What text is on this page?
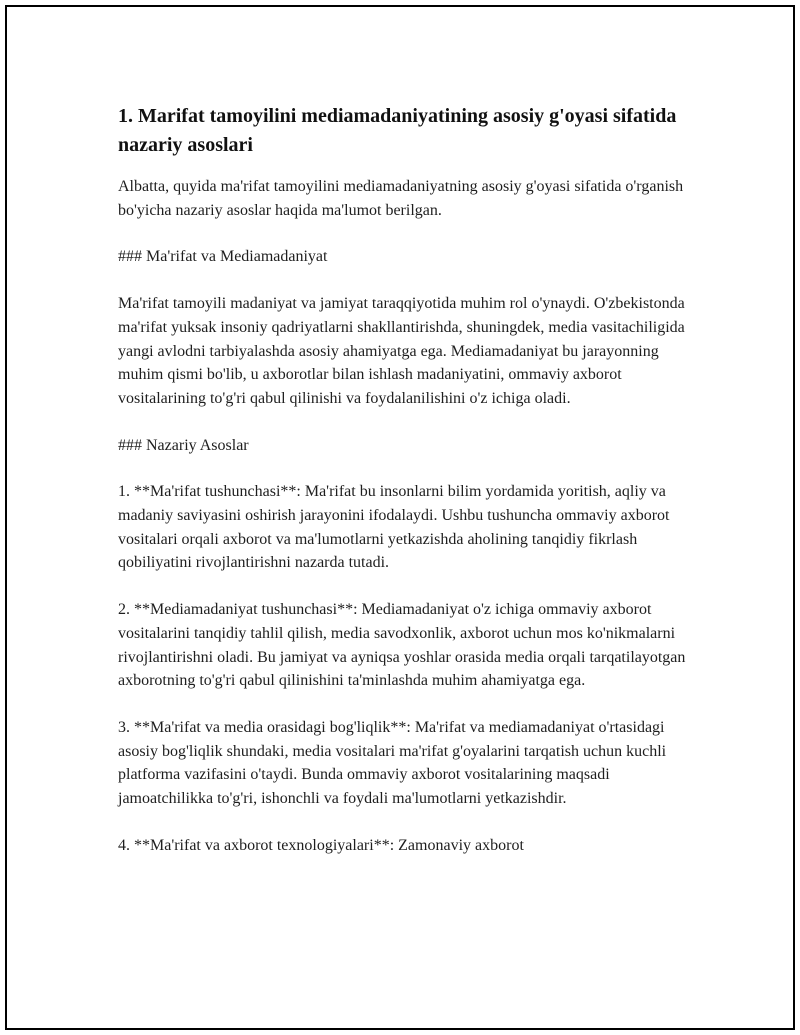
1. Marifat tamoyilini mediamadaniyatining asosiy g'oyasi sifatida nazariy asoslari

Albatta, quyida ma'rifat tamoyilini mediamadaniyatning asosiy g'oyasi sifatida o'rganish bo'yicha nazariy asoslar haqida ma'lumot berilgan.

### Ma'rifat va Mediamadaniyat

Ma'rifat tamoyili madaniyat va jamiyat taraqqiyotida muhim rol o'ynaydi. O'zbekistonda ma'rifat yuksak insoniy qadriyatlarni shakllantirishda, shuningdek, media vasitachiligida yangi avlodni tarbiyalashda asosiy ahamiyatga ega. Mediamadaniyat bu jarayonning muhim qismi bo'lib, u axborotlar bilan ishlash madaniyatini, ommaviy axborot vositalarining to'g'ri qabul qilinishi va foydalanilishini o'z ichiga oladi.

### Nazariy Asoslar

1. **Ma'rifat tushunchasi**: Ma'rifat bu insonlarni bilim yordamida yoritish, aqliy va madaniy saviyasini oshirish jarayonini ifodalaydi. Ushbu tushuncha ommaviy axborot vositalari orqali axborot va ma'lumotlarni yetkazishda aholining tanqidiy fikrlash qobiliyatini rivojlantirishni nazarda tutadi.

2. **Mediamadaniyat tushunchasi**: Mediamadaniyat o'z ichiga ommaviy axborot vositalarini tanqidiy tahlil qilish, media savodxonlik, axborot uchun mos ko'nikmalarni rivojlantirishni oladi. Bu jamiyat va ayniqsa yoshlar orasida media orqali tarqatilayotgan axborotning to'g'ri qabul qilinishini ta'minlashda muhim ahamiyatga ega.

3. **Ma'rifat va media orasidagi bog'liqlik**: Ma'rifat va mediamadaniyat o'rtasidagi asosiy bog'liqlik shundaki, media vositalari ma'rifat g'oyalarini tarqatish uchun kuchli platforma vazifasini o'taydi. Bunda ommaviy axborot vositalarining maqsadi jamoatchilikka to'g'ri, ishonchli va foydali ma'lumotlarni yetkazishdir.

4. **Ma'rifat va axborot texnologiyalari**: Zamonaviy axborot
